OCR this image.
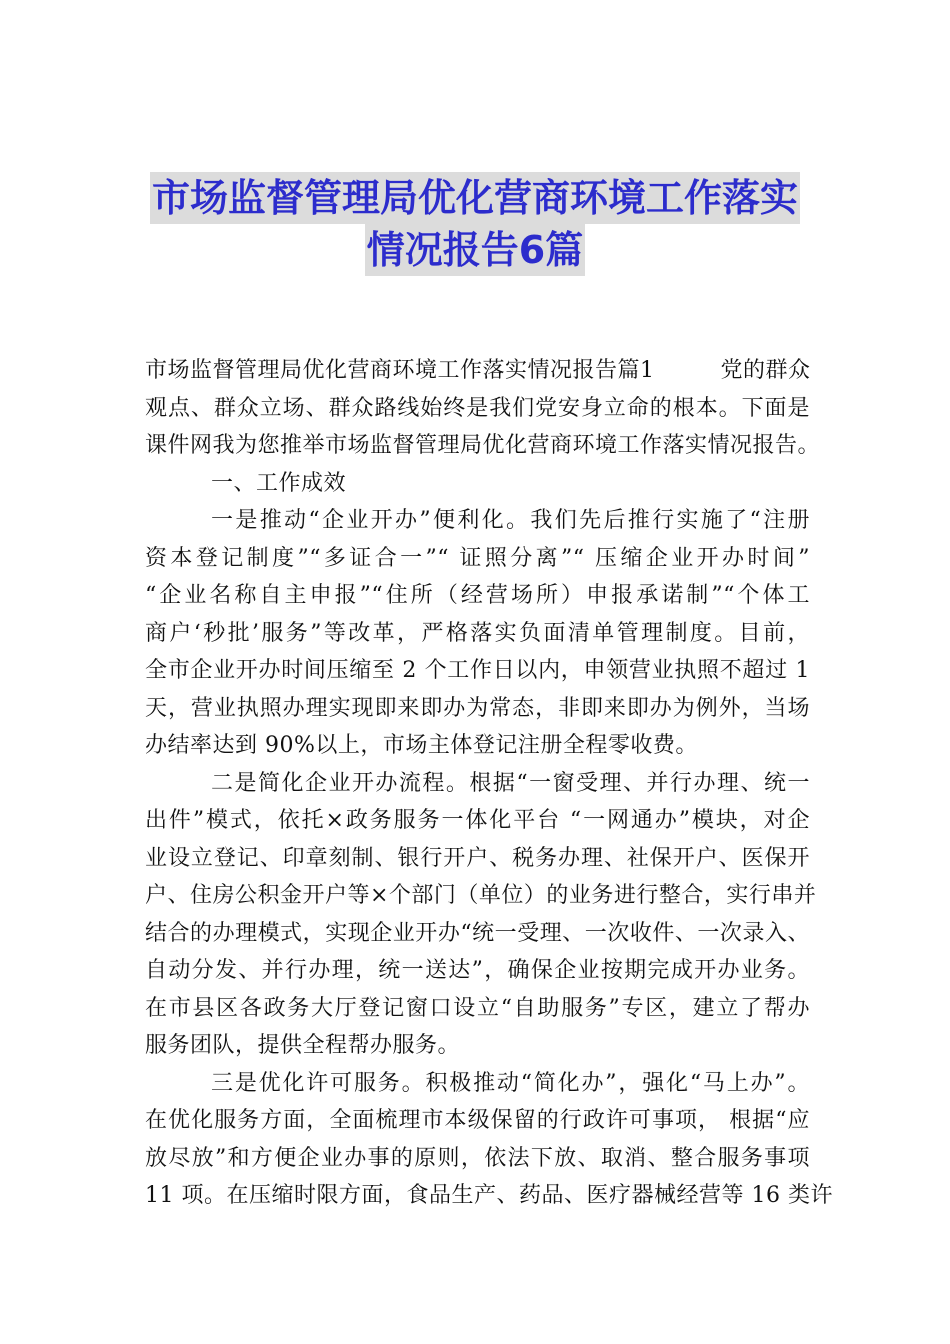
市场监督管理局优化营商环境工作落实
情况报告6篇
市场监督管理局优化营商环境工作落实情况报告篇1	党的群众
观点、群众立场、群众路线始终是我们党安身立命的根本。下面是
课件网我为您推举市场监督管理局优化营商环境工作落实情况报告。
一、工作成效
一是推动“企业开办”便利化。我们先后推行实施了“注册
资本登记制度”“多证合一”“ 证照分离”“ 压缩企业开办时间”
“企业名称自主申报”“住所（经营场所）申报承诺制”“个体工
商户‘秒批’服务”等改革，严格落实负面清单管理制度。目前，
全市企业开办时间压缩至 2 个工作日以内，申领营业执照不超过 1
天，营业执照办理实现即来即办为常态，非即来即办为例外，当场
办结率达到 90%以上，市场主体登记注册全程零收费。
二是简化企业开办流程。根据“一窗受理、并行办理、统一
出件”模式，依托×政务服务一体化平台 “一网通办”模块，对企
业设立登记、印章刻制、银行开户、税务办理、社保开户、医保开
户、住房公积金开户等×个部门（单位）的业务进行整合，实行串并
结合的办理模式，实现企业开办“统一受理、一次收件、一次录入、
自动分发、并行办理，统一送达”，确保企业按期完成开办业务。
在市县区各政务大厅登记窗口设立“自助服务”专区，建立了帮办
服务团队，提供全程帮办服务。
三是优化许可服务。积极推动“简化办”，强化“马上办”。
在优化服务方面，全面梳理市本级保留的行政许可事项， 根据“应
放尽放”和方便企业办事的原则，依法下放、取消、整合服务事项
11 项。在压缩时限方面，食品生产、药品、医疗器械经营等 16 类许
